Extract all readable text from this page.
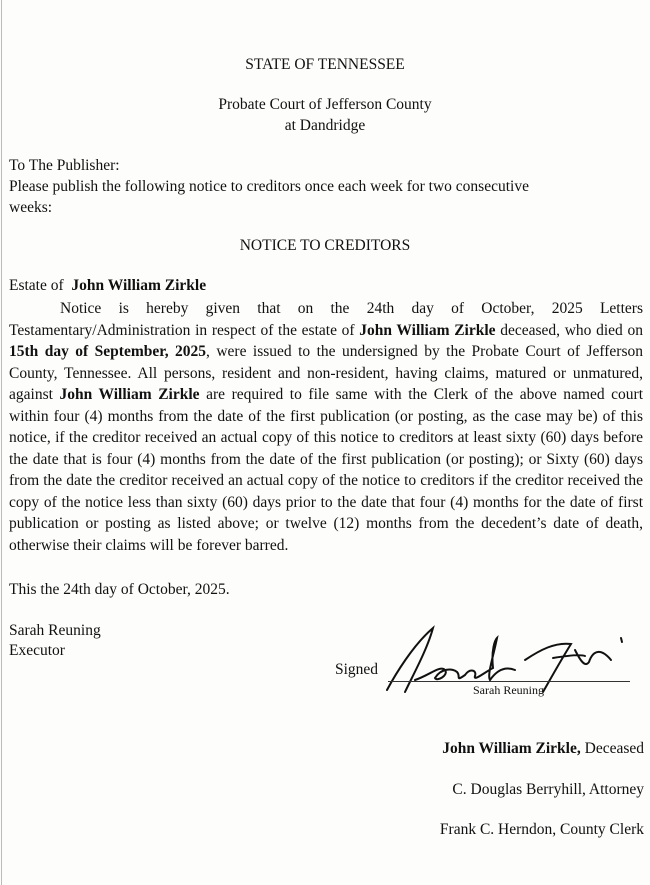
STATE OF TENNESSEE
Probate Court of Jefferson County
at Dandridge
To The Publisher:
Please publish the following notice to creditors once each week for two consecutive
weeks:
NOTICE TO CREDITORS
Estate of John William Zirkle
Notice is hereby given that on the 24th day of October, 2025 Letters Testamentary/Administration in respect of the estate of John William Zirkle deceased, who died on 15th day of September, 2025, were issued to the undersigned by the Probate Court of Jefferson County, Tennessee. All persons, resident and non-resident, having claims, matured or unmatured, against John William Zirkle are required to file same with the Clerk of the above named court within four (4) months from the date of the first publication (or posting, as the case may be) of this notice, if the creditor received an actual copy of this notice to creditors at least sixty (60) days before the date that is four (4) months from the date of the first publication (or posting); or Sixty (60) days from the date the creditor received an actual copy of the notice to creditors if the creditor received the copy of the notice less than sixty (60) days prior to the date that four (4) months for the date of first publication or posting as listed above; or twelve (12) months from the decedent’s date of death, otherwise their claims will be forever barred.
This the 24th day of October, 2025.
Sarah Reuning
Executor
Signed
Sarah Reuning
John William Zirkle, Deceased
C. Douglas Berryhill, Attorney
Frank C. Herndon, County Clerk
